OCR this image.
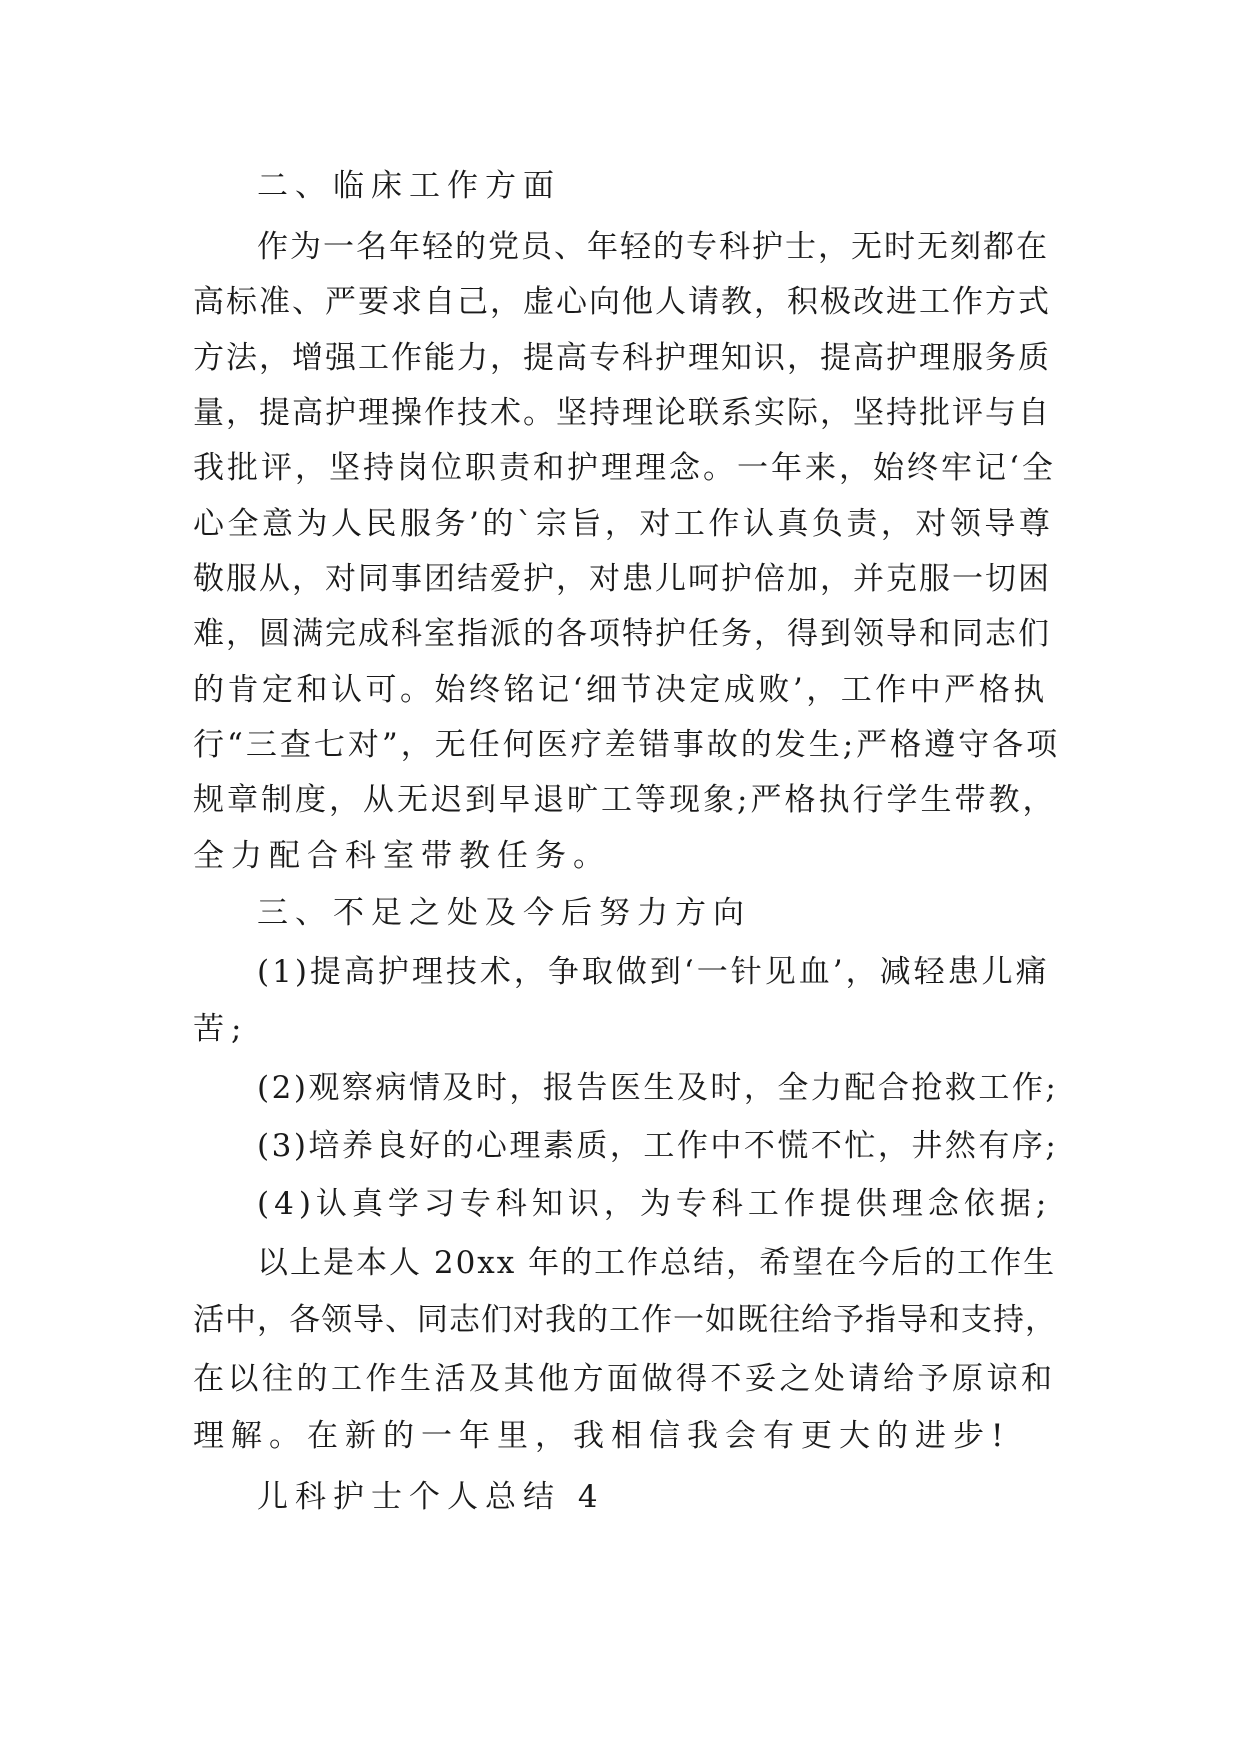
二、临床工作方面
作为一名年轻的党员、年轻的专科护士，无时无刻都在
高标准、严要求自己，虚心向他人请教，积极改进工作方式
方法，增强工作能力，提高专科护理知识，提高护理服务质
量，提高护理操作技术。坚持理论联系实际，坚持批评与自
我批评，坚持岗位职责和护理理念。一年来，始终牢记‘全
心全意为人民服务’的`宗旨，对工作认真负责，对领导尊
敬服从，对同事团结爱护，对患儿呵护倍加，并克服一切困
难，圆满完成科室指派的各项特护任务，得到领导和同志们
的肯定和认可。始终铭记‘细节决定成败’，工作中严格执
行“三查七对”，无任何医疗差错事故的发生;严格遵守各项
规章制度，从无迟到早退旷工等现象;严格执行学生带教，
全力配合科室带教任务。
三、不足之处及今后努力方向
(1)提高护理技术，争取做到‘一针见血’，减轻患儿痛
苦;
(2)观察病情及时，报告医生及时，全力配合抢救工作;
(3)培养良好的心理素质，工作中不慌不忙，井然有序;
(4)认真学习专科知识，为专科工作提供理念依据;
以上是本人 20xx 年的工作总结，希望在今后的工作生
活中，各领导、同志们对我的工作一如既往给予指导和支持，
在以往的工作生活及其他方面做得不妥之处请给予原谅和
理解。在新的一年里，我相信我会有更大的进步!
儿科护士个人总结 4
